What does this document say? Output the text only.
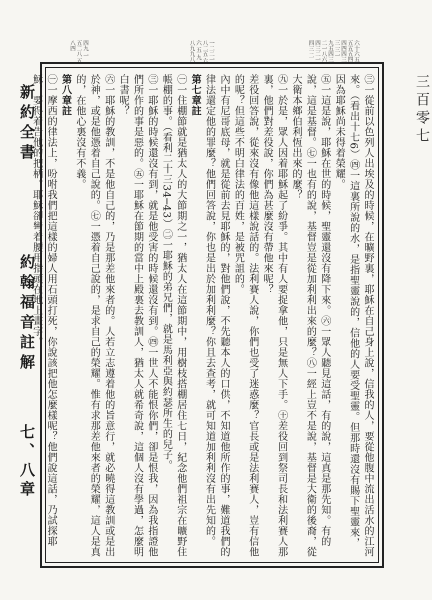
六十六五五五五四四四四三三 三一 九五四三二一八六四三二一四三 二
一二二一 八二五 六六 五 九 八九九八
四九 一 五二八 五八四
三百零七

㊂一從前以色列人出埃及的時候，在曠野裏，耶穌在自己身上說，信我的人，要從他腹中流出活水的江河來。（看出十七6）㊃一這裏所說的水，是指聖靈說的，信他的人要受聖靈。但那時還沒有賜下聖靈來，因為耶穌尚未得着榮耀。

㊄一這是說，耶穌在世的時候，聖靈還沒有降下來。㊅一眾人聽見這話，有的說，這真是那先知。有的說，這是基督。㊆一也有的說，基督豈是從加利利出來的麼？㊇一經上豈不是說，基督是大衛的後裔，從大衛本鄉伯利恆出來的麼？

㊈一於是，眾人因着耶穌起了紛爭。其中有人要捉拿他，只是無人下手。㊉差役回到祭司長和法利賽人那裏，他們對差役說，你們為甚麼沒有帶他來呢？

差役回答說，從來沒有像他這樣說話的。法利賽人說，你們也受了迷惑麼？官長或是法利賽人，豈有信他的呢？但這些不明白律法的百姓，是被咒詛的。

內中有尼哥底母，就是從前去見耶穌的，對他們說，不先聽本人的口供，不知道他所作的事，難道我們的律法還定他的罪麼？他們回答說，你也是出於加利利麼？你且去查考，就可知道加利利沒有出先知的。

第七章註

㊀一住棚節就是猶太人的大節期之一，猶太人在這節期中，用樹枝搭棚居住七日，紀念他們祖宗在曠野住帳棚的事。（看利二十三34─43）㊁一耶穌的弟兄們，就是馬利亞與約瑟所生的兒子。

㊂一耶穌的時候還沒有到，就是他受害的時候還沒有到。㊃一世人不能恨你們，卻是恨我，因為我指證他們所作的事是惡的。㊄一耶穌在節期的當中上殿裏去教訓人，猶太人就希奇說，這個人沒有學過，怎麼明白書呢？

㊅一耶穌的教訓，不是他自己的，乃是那差他來者的。人若立志遵着他的旨意行，就必曉得這教訓或是出於神，或是他憑着自己說的。㊆一憑着自己說的，是求自己的榮耀。惟有求那差他來者的榮耀，這人是真的，在他心裏沒有不義。

第八章註

㊀一摩西的律法上，吩咐我們把這樣的婦人用石頭打死，你說該把他怎麼樣呢？他們說這話，乃試探耶穌，要得着告他的把柄。耶穌卻彎着腰用指頭在地上畫字。

新約全書
約翰福音註解
七、八章
